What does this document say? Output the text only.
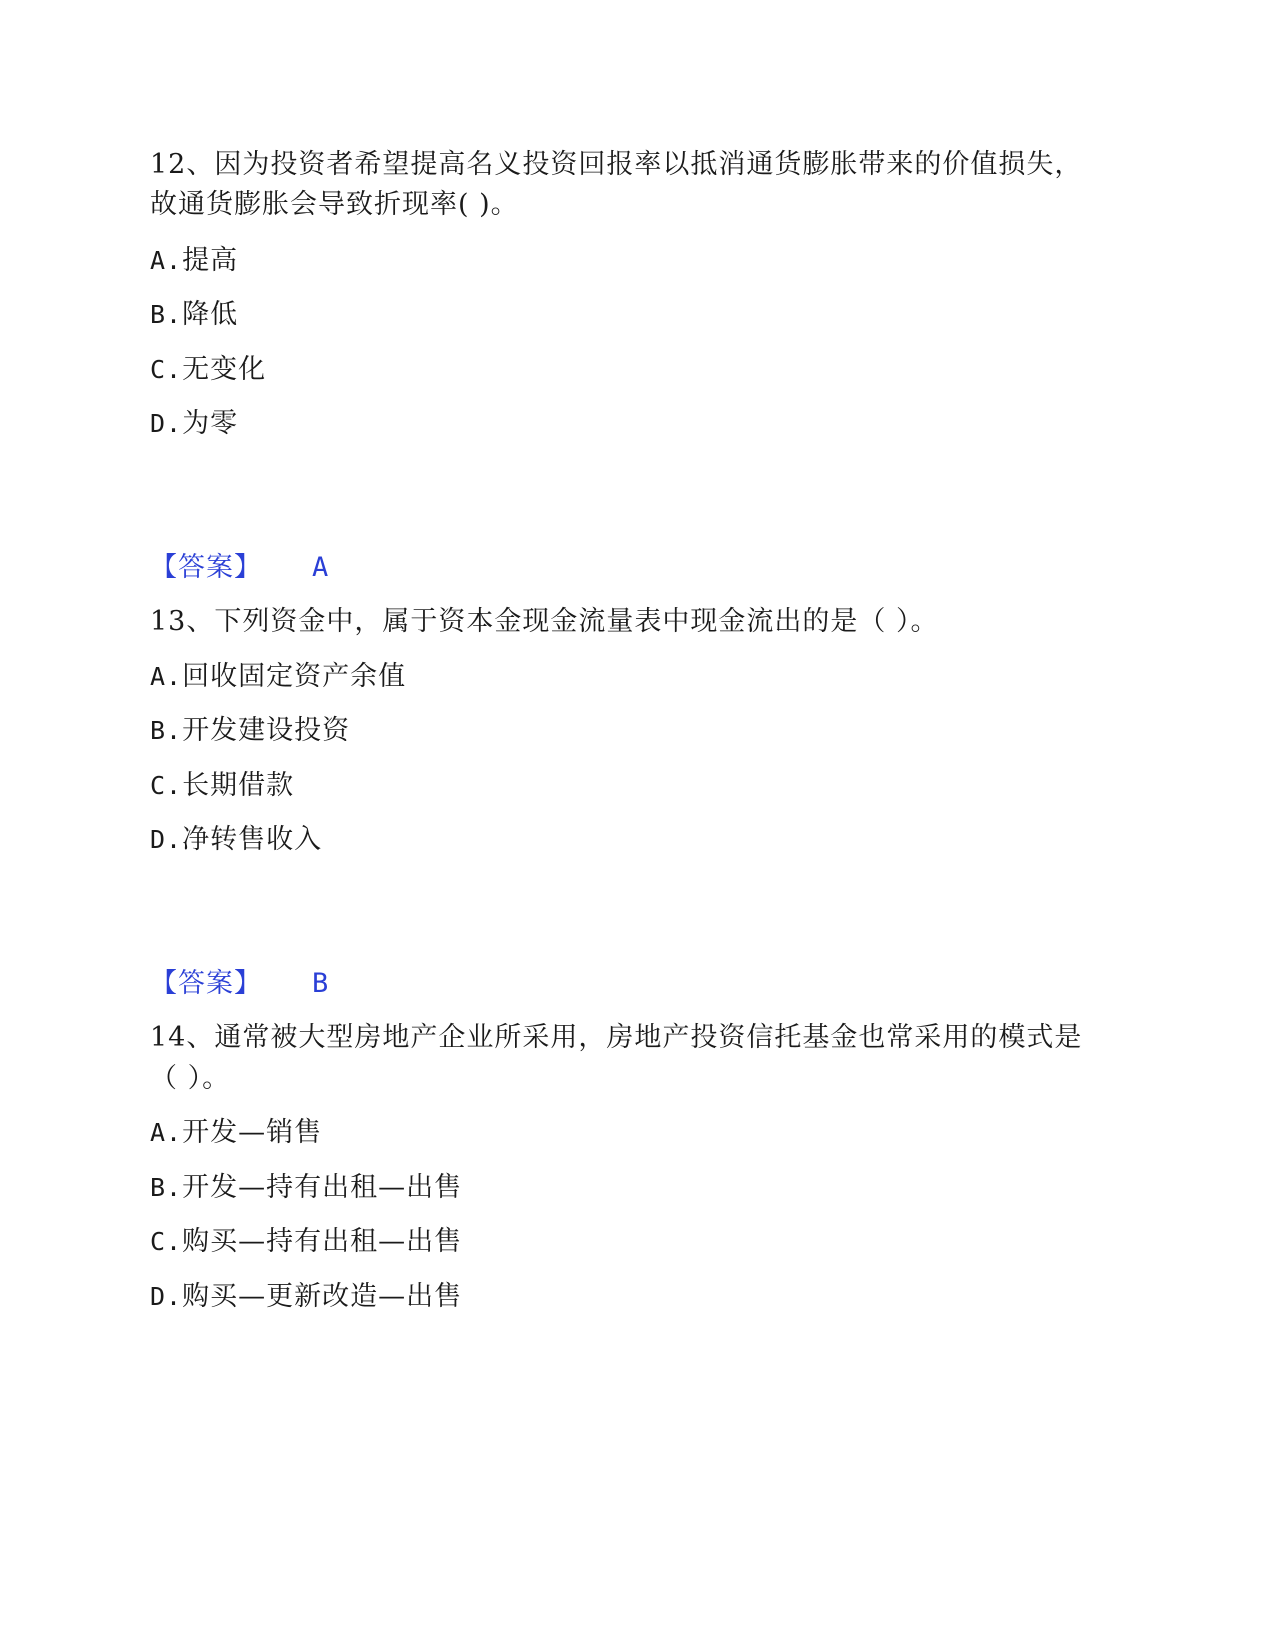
12、因为投资者希望提高名义投资回报率以抵消通货膨胀带来的价值损失，
故通货膨胀会导致折现率( )。
A.提高
B.降低
C.无变化
D.为零
【答案】 A
13、下列资金中，属于资本金现金流量表中现金流出的是（ ）。
A.回收固定资产余值
B.开发建设投资
C.长期借款
D.净转售收入
【答案】 B
14、通常被大型房地产企业所采用，房地产投资信托基金也常采用的模式是
（ ）。
A.开发—销售
B.开发—持有出租—出售
C.购买—持有出租—出售
D.购买—更新改造—出售
